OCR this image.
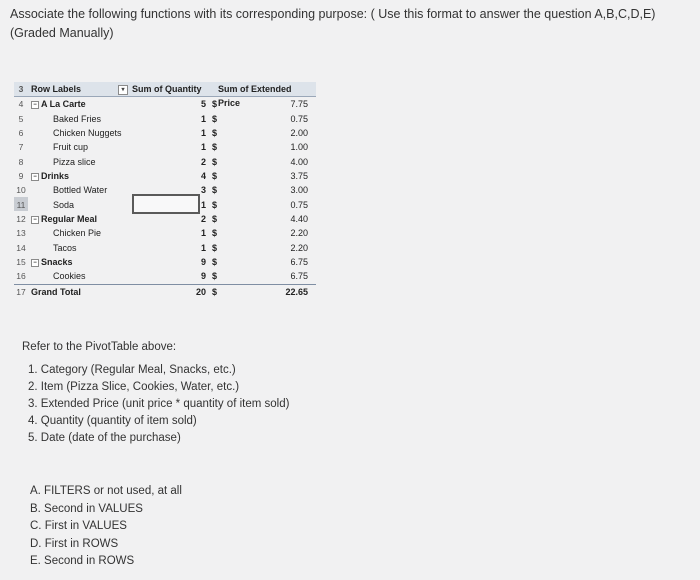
Associate the following functions with its corresponding purpose: ( Use this format to answer the question A,B,C,D,E) (Graded Manually)
3 Row Labels	▾ Sum of Quantity Sum of Extended Price
4	− A La Carte	5 $	7.75
5	Baked Fries	1 $	0.75
6	Chicken Nuggets	1 $	2.00
7	Fruit cup	1 $	1.00
8	Pizza slice	2 $	4.00
9	− Drinks	4 $	3.75
10	Bottled Water	3 $	3.00
11	Soda	1 $	0.75
12	− Regular Meal	2 $	4.40
13	Chicken Pie	1 $	2.20
14	Tacos	1 $	2.20
15	− Snacks	9 $	6.75
16	Cookies	9 $	6.75
17 Grand Total	20 $	22.65
Refer to the PivotTable above:
1. Category (Regular Meal, Snacks, etc.)
2. Item (Pizza Slice, Cookies, Water, etc.)
3. Extended Price (unit price * quantity of item sold)
4. Quantity (quantity of item sold)
5. Date (date of the purchase)
A. FILTERS or not used, at all
B. Second in VALUES
C. First in VALUES
D. First in ROWS
E. Second in ROWS
